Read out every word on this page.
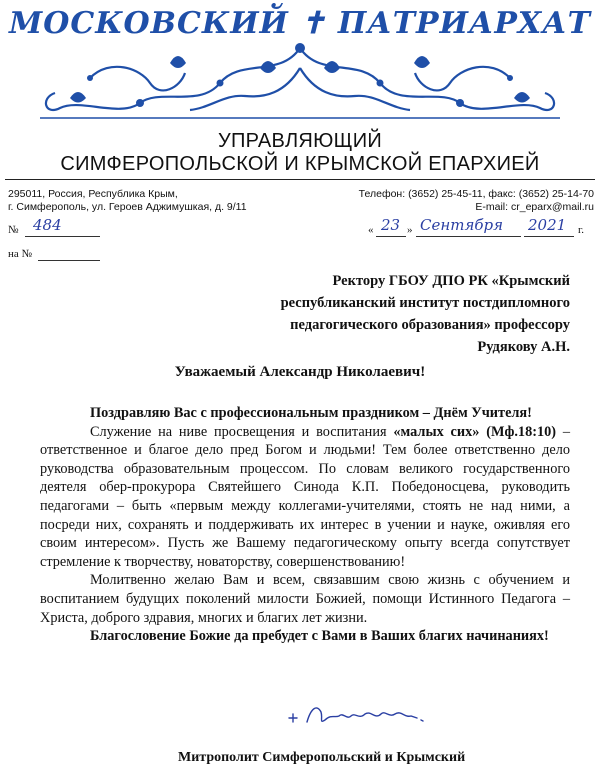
МОСКОВСКИЙ ✝ ПАТРИАРХАТ
УПРАВЛЯЮЩИЙ
СИМФЕРОПОЛЬСКОЙ И КРЫМСКОЙ ЕПАРХИЕЙ
295011, Россия, Республика Крым,
г. Симферополь, ул. Героев Аджимушкая, д. 9/11
Телефон: (3652) 25-45-11, факс: (3652) 25-14-70
E-mail: cr_eparx@mail.ru
№ 484
на №
« 23 » Сентября 2021 г.
Ректору ГБОУ ДПО РК «Крымский
республиканский институт постдипломного
педагогического образования» профессору
Рудякову А.Н.
Уважаемый Александр Николаевич!

Поздравляю Вас с профессиональным праздником – Днём Учителя!

Служение на ниве просвещения и воспитания «малых сих» (Мф.18:10) – ответственное и благое дело пред Богом и людьми! Тем более ответственно дело руководства образовательным процессом. По словам великого государственного деятеля обер-прокурора Святейшего Синода К.П. Победоносцева, руководить педагогами – быть «первым между коллегами-учителями, стоять не над ними, а посреди них, сохранять и поддерживать их интерес в учении и науке, оживляя его своим интересом». Пусть же Вашему педагогическому опыту всегда сопутствует стремление к творчеству, новаторству, совершенствованию!

Молитвенно желаю Вам и всем, связавшим свою жизнь с обучением и воспитанием будущих поколений милости Божией, помощи Истинного Педагога – Христа, доброго здравия, многих и благих лет жизни.

Благословение Божие да пребудет с Вами в Ваших благих начинаниях!

Митрополит Симферопольский и Крымский
